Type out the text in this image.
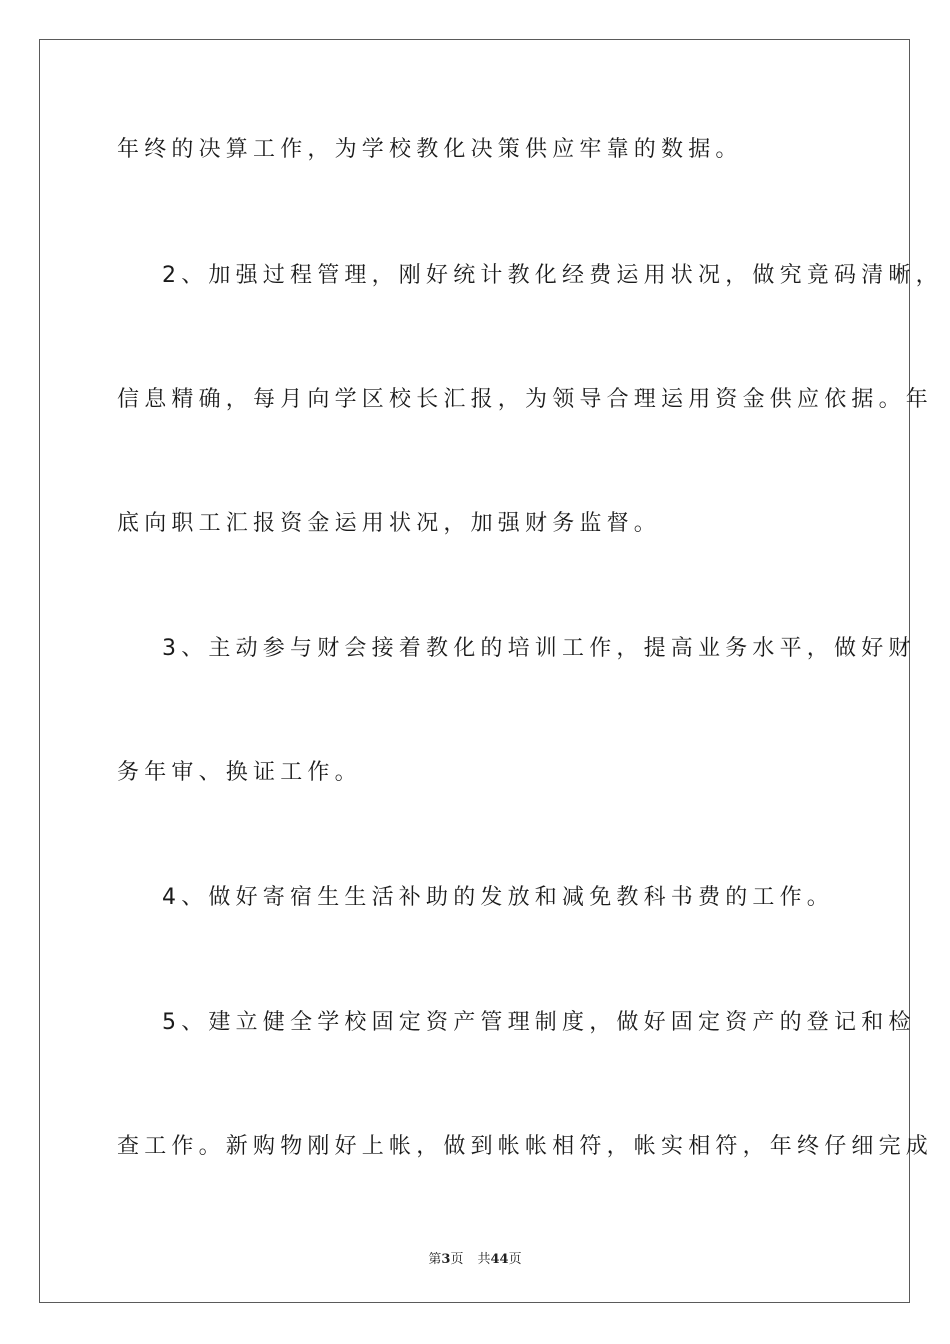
年终的决算工作，为学校教化决策供应牢靠的数据。

2、加强过程管理，刚好统计教化经费运用状况，做究竟码清晰，

信息精确，每月向学区校长汇报，为领导合理运用资金供应依据。年

底向职工汇报资金运用状况，加强财务监督。

3、主动参与财会接着教化的培训工作，提高业务水平，做好财

务年审、换证工作。

4、做好寄宿生生活补助的发放和减免教科书费的工作。

5、建立健全学校固定资产管理制度，做好固定资产的登记和检

查工作。新购物刚好上帐，做到帐帐相符，帐实相符，年终仔细完成

第3页 共44页
